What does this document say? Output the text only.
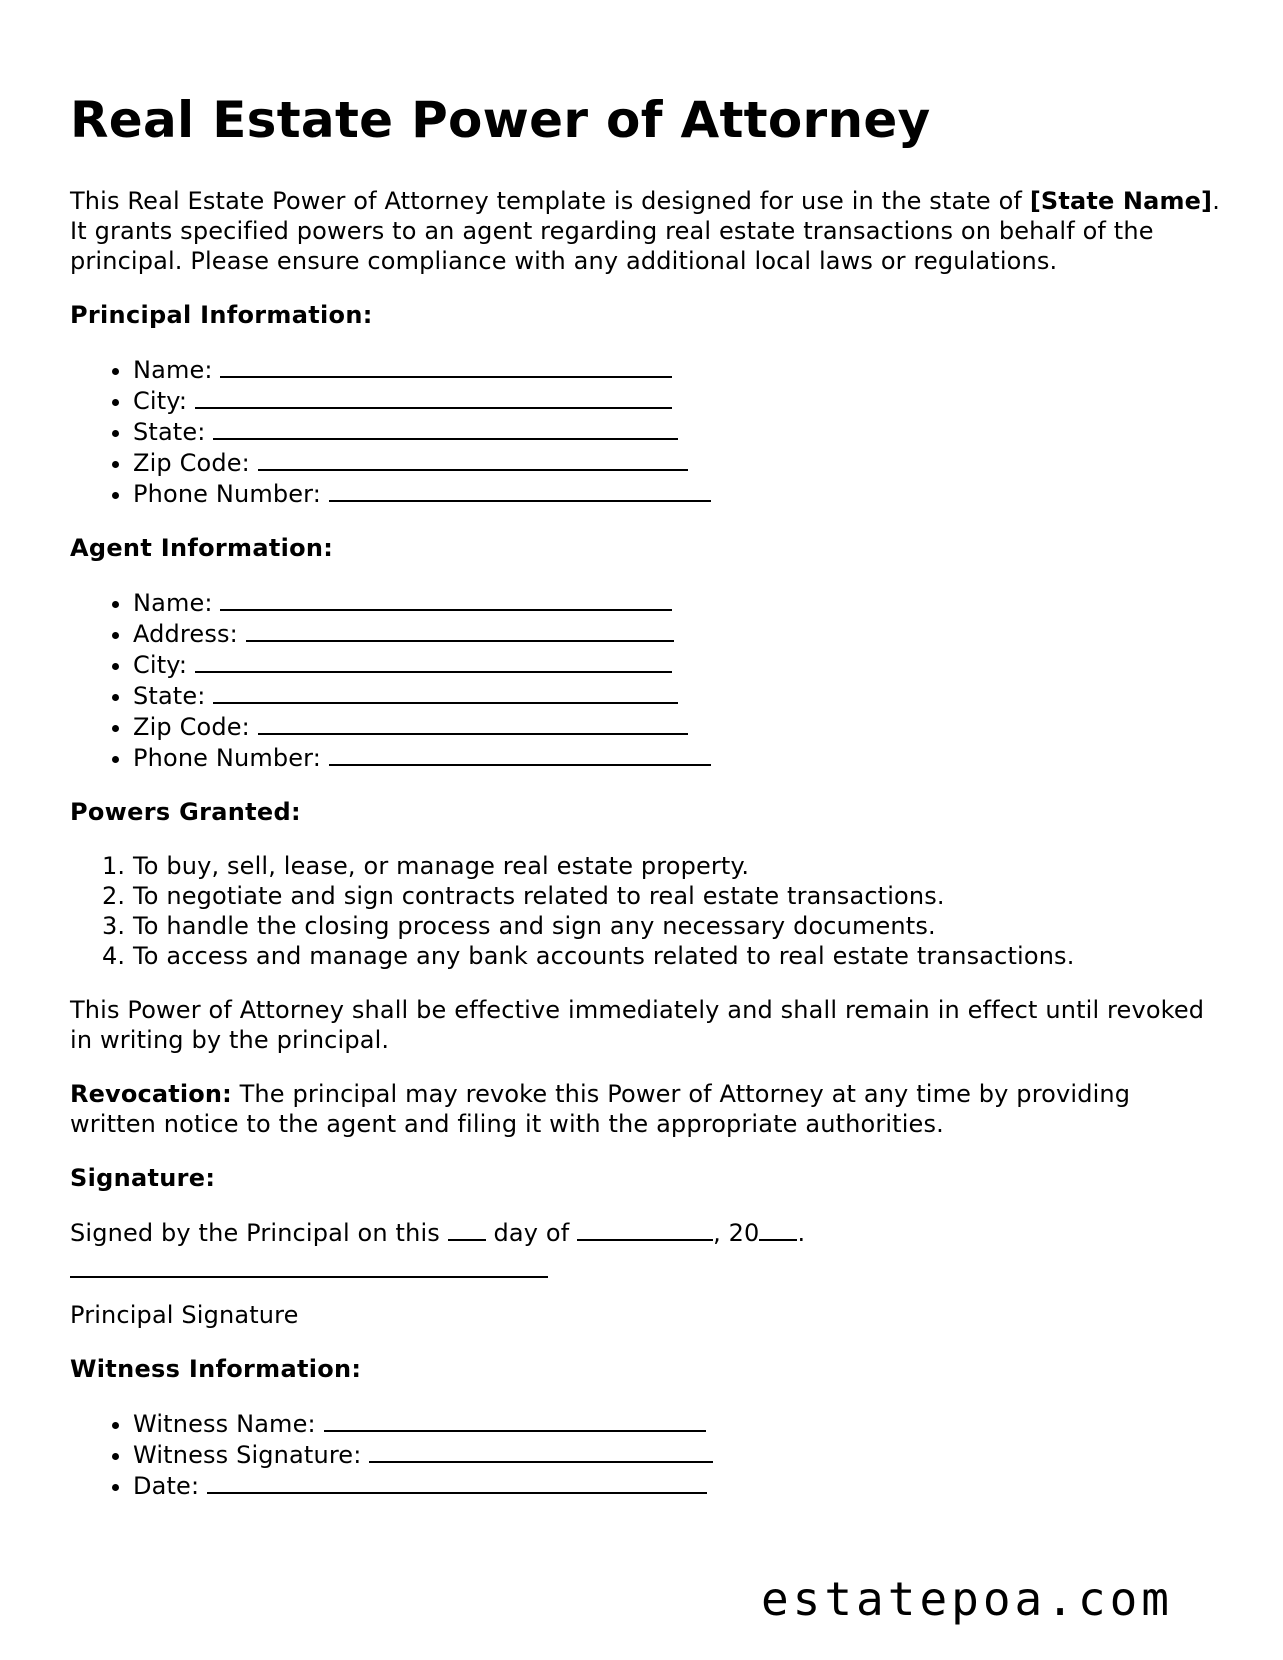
Real Estate Power of Attorney

This Real Estate Power of Attorney template is designed for use in the state of [State Name]. It grants specified powers to an agent regarding real estate transactions on behalf of the principal. Please ensure compliance with any additional local laws or regulations.

Principal Information:

• Name:
• City:
• State:
• Zip Code:
• Phone Number:

Agent Information:

• Name:
• Address:
• City:
• State:
• Zip Code:
• Phone Number:

Powers Granted:

1. To buy, sell, lease, or manage real estate property.
2. To negotiate and sign contracts related to real estate transactions.
3. To handle the closing process and sign any necessary documents.
4. To access and manage any bank accounts related to real estate transactions.

This Power of Attorney shall be effective immediately and shall remain in effect until revoked in writing by the principal.

Revocation: The principal may revoke this Power of Attorney at any time by providing written notice to the agent and filing it with the appropriate authorities.

Signature:

Signed by the Principal on this  day of	, 20 .

Principal Signature

Witness Information:

• Witness Name:
• Witness Signature:
• Date:
estatepoa.com
